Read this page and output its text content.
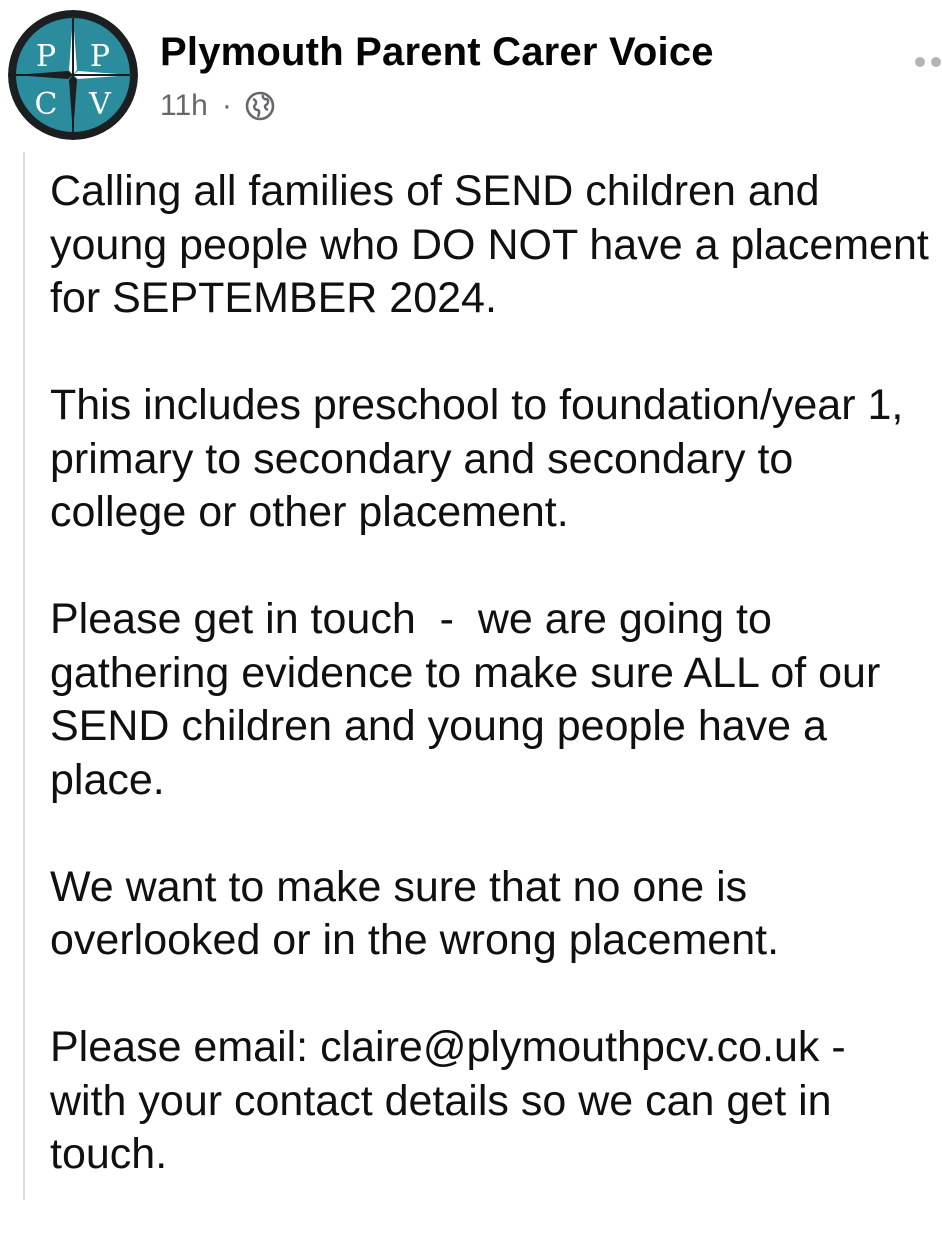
P P
C V
Plymouth Parent Carer Voice
11h ·

Calling all families of SEND children and young people who DO NOT have a placement for SEPTEMBER 2024.

This includes preschool to foundation/year 1, primary to secondary and secondary to college or other placement.

Please get in touch  -  we are going to gathering evidence to make sure ALL of our SEND children and young people have a place.

We want to make sure that no one is overlooked or in the wrong placement.

Please email: claire@plymouthpcv.co.uk - with your contact details so we can get in touch.
